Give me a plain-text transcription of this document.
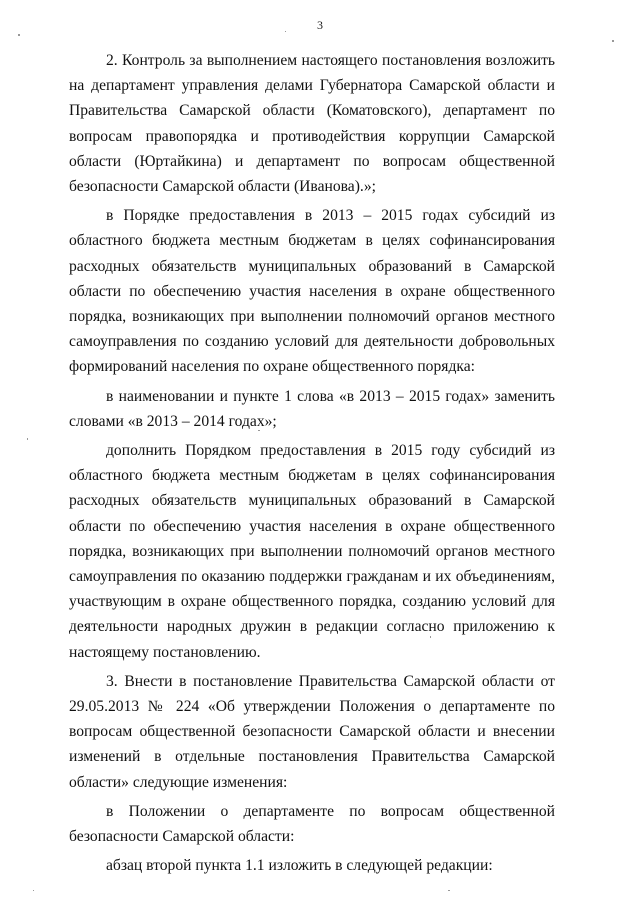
3

2. Контроль за выполнением настоящего постановления возложить на департамент управления делами Губернатора Самарской области и Правительства Самарской области (Коматовского), департамент по вопросам правопорядка и противодействия коррупции Самарской области (Юртайкина) и департамент по вопросам общественной безопасности Самарской области (Иванова).»;

в Порядке предоставления в 2013 – 2015 годах субсидий из областного бюджета местным бюджетам в целях софинансирования расходных обязательств муниципальных образований в Самарской области по обеспечению участия населения в охране общественного порядка, возникающих при выполнении полномочий органов местного самоуправления по созданию условий для деятельности добровольных формирований населения по охране общественного порядка:

в наименовании и пункте 1 слова «в 2013 – 2015 годах» заменить словами «в 2013 – 2014 годах»;

дополнить Порядком предоставления в 2015 году субсидий из областного бюджета местным бюджетам в целях софинансирования расходных обязательств муниципальных образований в Самарской области по обеспечению участия населения в охране общественного порядка, возникающих при выполнении полномочий органов местного самоуправления по оказанию поддержки гражданам и их объединениям, участвующим в охране общественного порядка, созданию условий для деятельности народных дружин в редакции согласно приложению к настоящему постановлению.

3. Внести в постановление Правительства Самарской области от 29.05.2013 № 224 «Об утверждении Положения о департаменте по вопросам общественной безопасности Самарской области и внесении изменений в отдельные постановления Правительства Самарской области» следующие изменения:

в Положении о департаменте по вопросам общественной безопасности Самарской области:

абзац второй пункта 1.1 изложить в следующей редакции:
